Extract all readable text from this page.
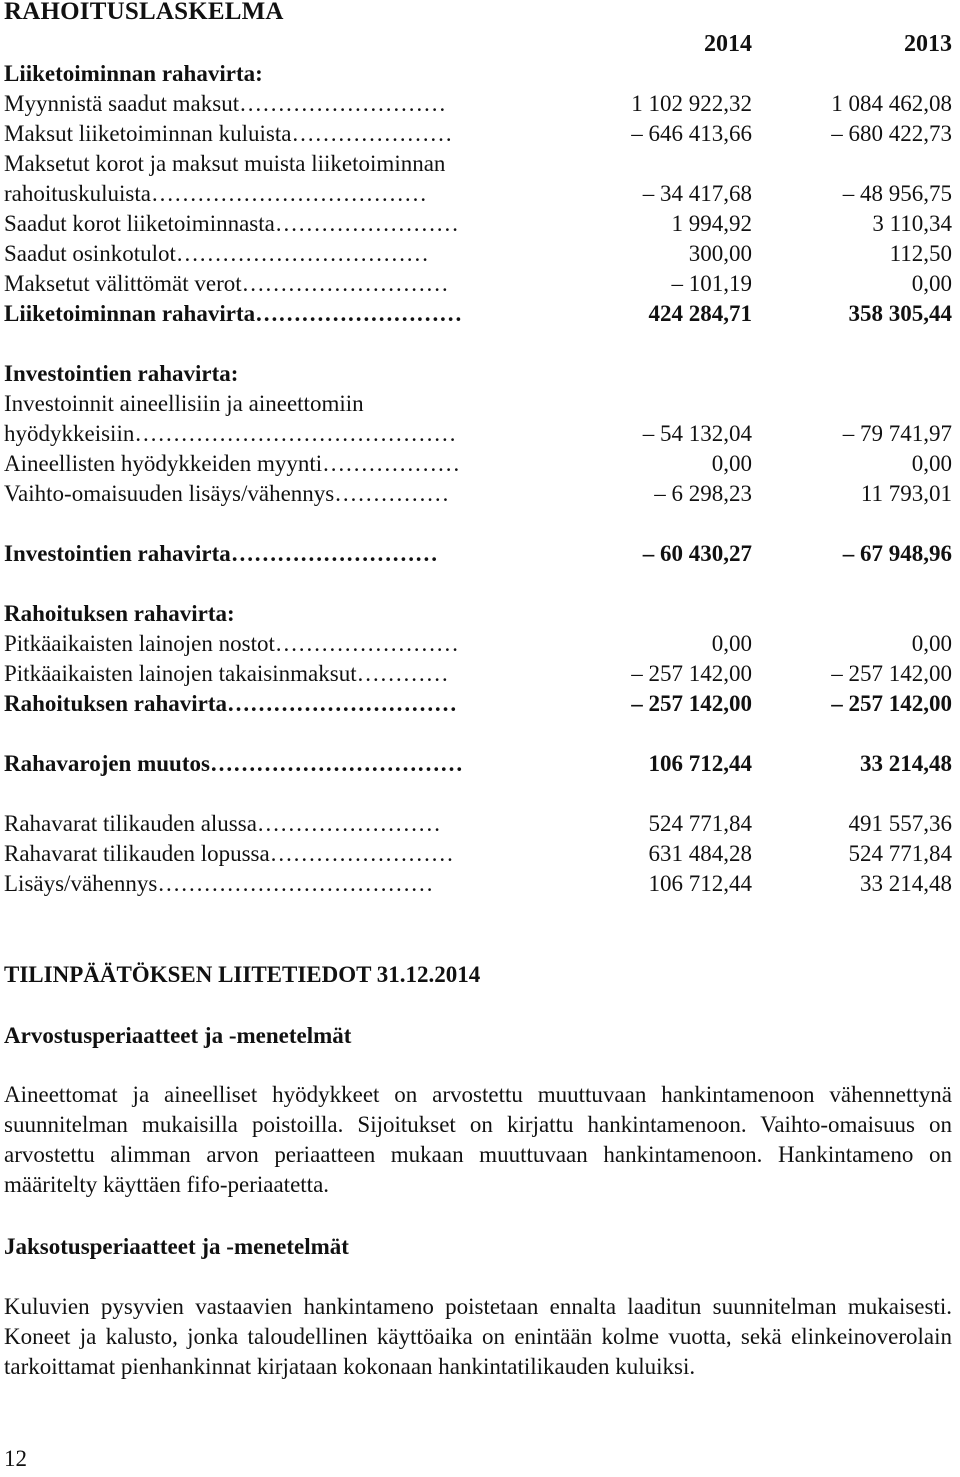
RAHOITUSLASKELMA
	2014	2013
Liiketoiminnan rahavirta:		
Myynnistä saadut maksut………………………	1 102 922,32	1 084 462,08
Maksut liiketoiminnan kuluista…………………	– 646 413,66	– 680 422,73
Maksetut korot ja maksut muista liiketoiminnan		
rahoituskuluista………………………………	– 34 417,68	– 48 956,75
Saadut korot liiketoiminnasta……………………	1 994,92	3 110,34
Saadut osinkotulot……………………………	300,00	112,50
Maksetut välittömät verot………………………	– 101,19	0,00
Liiketoiminnan rahavirta………………………	424 284,71	358 305,44

Investointien rahavirta:		
Investoinnit aineellisiin ja aineettomiin		
hyödykkeisiin……………………………………	– 54 132,04	– 79 741,97
Aineellisten hyödykkeiden myynti………………	0,00	0,00
Vaihto-omaisuuden lisäys/vähennys……………	– 6 298,23	11 793,01

Investointien rahavirta………………………	– 60 430,27	– 67 948,96

Rahoituksen rahavirta:		
Pitkäaikaisten lainojen nostot……………………	0,00	0,00
Pitkäaikaisten lainojen takaisinmaksut…………	– 257 142,00	– 257 142,00
Rahoituksen rahavirta…………………………	– 257 142,00	– 257 142,00

Rahavarojen muutos……………………………	106 712,44	33 214,48

Rahavarat tilikauden alussa……………………	524 771,84	491 557,36
Rahavarat tilikauden lopussa……………………	631 484,28	524 771,84
Lisäys/vähennys………………………………	106 712,44	33 214,48
TILINPÄÄTÖKSEN LIITETIEDOT 31.12.2014
Arvostusperiaatteet ja -menetelmät

Aineettomat ja aineelliset hyödykkeet on arvostettu muuttuvaan hankintamenoon vähennettynä suunnitelman mukaisilla poistoilla. Sijoitukset on kirjattu hankintamenoon. Vaihto-omaisuus on arvostettu alimman arvon periaatteen mukaan muuttuvaan hankintamenoon. Hankintameno on määritelty käyttäen fifo-periaatetta.

Jaksotusperiaatteet ja -menetelmät

Kuluvien pysyvien vastaavien hankintameno poistetaan ennalta laaditun suunnitelman mukaisesti. Koneet ja kalusto, jonka taloudellinen käyttöaika on enintään kolme vuotta, sekä elinkeinoverolain tarkoittamat pienhankinnat kirjataan kokonaan hankintatilikauden kuluiksi.

12
